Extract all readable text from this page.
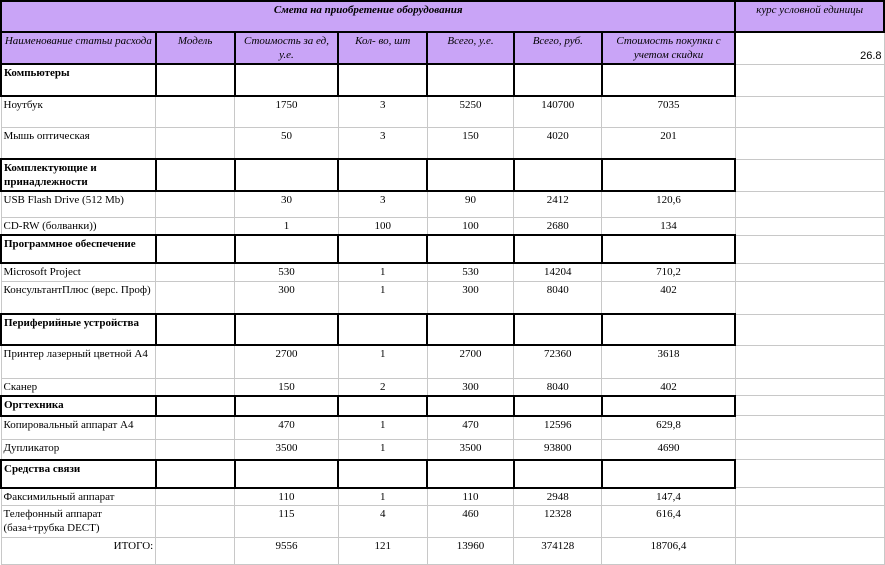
Смета на приобретение оборудования							курс условной единицы
Наименование статьи расхода	Модель	Стоимость за ед, у.е.	Кол- во, шт	Всего, у.е.	Всего, руб.	Стоимость покупки с учетом скидки	26.8
Компьютеры							
Ноутбук		1750	3	5250	140700	7035	
Мышь оптическая		50	3	150	4020	201	
Комплектующие и принадлежности							
USB Flash Drive (512 Mb)		30	3	90	2412	120,6	
CD-RW (болванки))		1	100	100	2680	134	
Программное обеспечение							
Microsoft Project		530	1	530	14204	710,2	
КонсультантПлюс (верс. Проф)		300	1	300	8040	402	
Периферийные устройства							
Принтер лазерный цветной А4		2700	1	2700	72360	3618	
Сканер		150	2	300	8040	402	
Оргтехника							
Копировальный аппарат А4		470	1	470	12596	629,8	
Дупликатор		3500	1	3500	93800	4690	
Средства связи							
Факсимильный аппарат		110	1	110	2948	147,4	
Телефонный аппарат (база+трубка DECT)		115	4	460	12328	616,4	
ИТОГО:		9556	121	13960	374128	18706,4	
